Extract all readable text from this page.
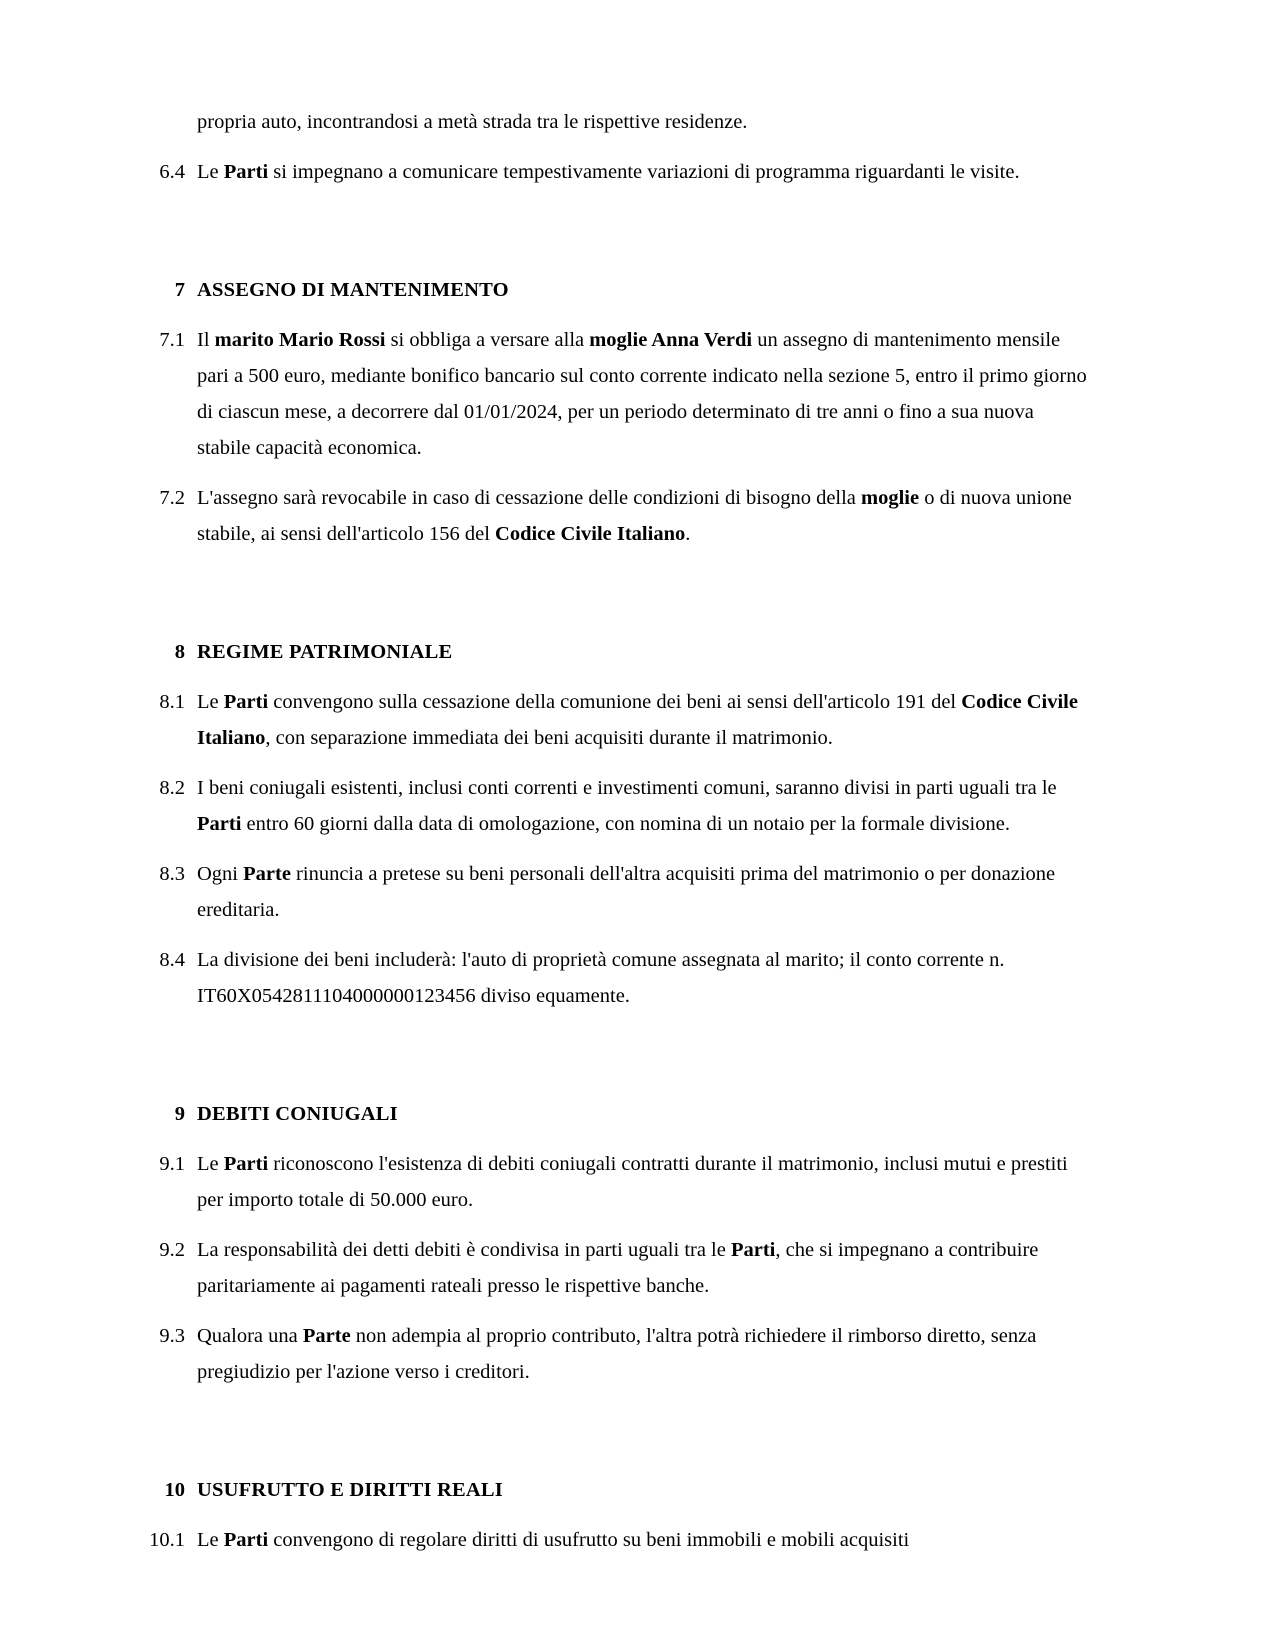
propria auto, incontrandosi a metà strada tra le rispettive residenze.

6.4 Le Parti si impegnano a comunicare tempestivamente variazioni di programma riguardanti le visite.
7 ASSEGNO DI MANTENIMENTO
7.1 Il marito Mario Rossi si obbliga a versare alla moglie Anna Verdi un assegno di mantenimento mensile pari a 500 euro, mediante bonifico bancario sul conto corrente indicato nella sezione 5, entro il primo giorno di ciascun mese, a decorrere dal 01/01/2024, per un periodo determinato di tre anni o fino a sua nuova stabile capacità economica.
7.2 L'assegno sarà revocabile in caso di cessazione delle condizioni di bisogno della moglie o di nuova unione stabile, ai sensi dell'articolo 156 del Codice Civile Italiano.
8 REGIME PATRIMONIALE
8.1 Le Parti convengono sulla cessazione della comunione dei beni ai sensi dell'articolo 191 del Codice Civile Italiano, con separazione immediata dei beni acquisiti durante il matrimonio.
8.2 I beni coniugali esistenti, inclusi conti correnti e investimenti comuni, saranno divisi in parti uguali tra le Parti entro 60 giorni dalla data di omologazione, con nomina di un notaio per la formale divisione.
8.3 Ogni Parte rinuncia a pretese su beni personali dell'altra acquisiti prima del matrimonio o per donazione ereditaria.
8.4 La divisione dei beni includerà: l'auto di proprietà comune assegnata al marito; il conto corrente n. IT60X0542811104000000123456 diviso equamente.
9 DEBITI CONIUGALI
9.1 Le Parti riconoscono l'esistenza di debiti coniugali contratti durante il matrimonio, inclusi mutui e prestiti per importo totale di 50.000 euro.
9.2 La responsabilità dei detti debiti è condivisa in parti uguali tra le Parti, che si impegnano a contribuire paritariamente ai pagamenti rateali presso le rispettive banche.
9.3 Qualora una Parte non adempia al proprio contributo, l'altra potrà richiedere il rimborso diretto, senza pregiudizio per l'azione verso i creditori.
10 USUFRUTTO E DIRITTI REALI
10.1 Le Parti convengono di regolare diritti di usufrutto su beni immobili e mobili acquisiti
